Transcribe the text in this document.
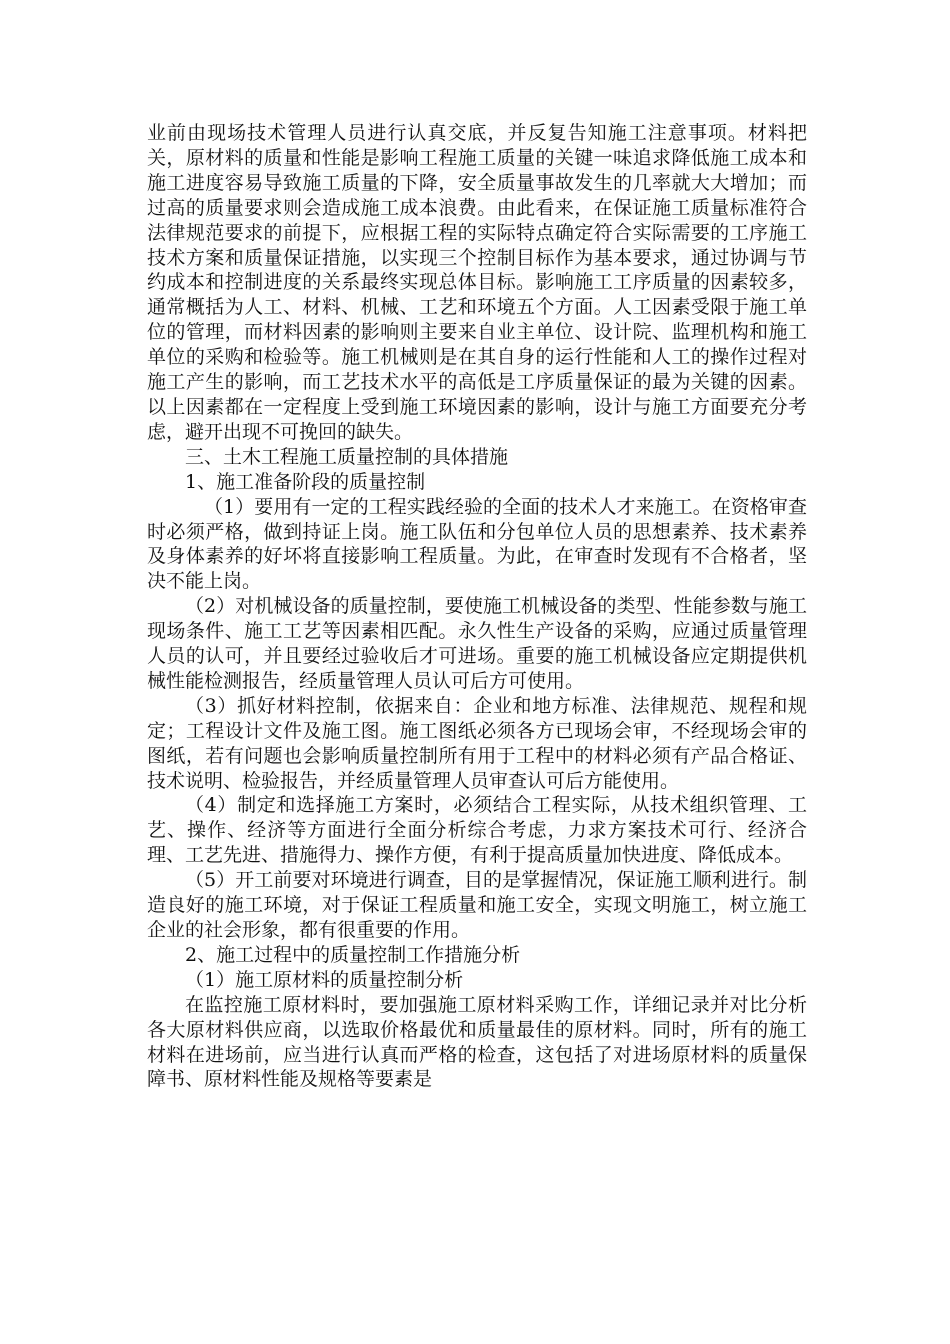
业前由现场技术管理人员进行认真交底，并反复告知施工注意事项。材料把关，原材料的质量和性能是影响工程施工质量的关键一味追求降低施工成本和施工进度容易导致施工质量的下降，安全质量事故发生的几率就大大增加；而过高的质量要求则会造成施工成本浪费。由此看来，在保证施工质量标准符合法律规范要求的前提下，应根据工程的实际特点确定符合实际需要的工序施工技术方案和质量保证措施，以实现三个控制目标作为基本要求，通过协调与节约成本和控制进度的关系最终实现总体目标。影响施工工序质量的因素较多，通常概括为人工、材料、机械、工艺和环境五个方面。人工因素受限于施工单位的管理，而材料因素的影响则主要来自业主单位、设计院、监理机构和施工单位的采购和检验等。施工机械则是在其自身的运行性能和人工的操作过程对施工产生的影响，而工艺技术水平的高低是工序质量保证的最为关键的因素。以上因素都在一定程度上受到施工环境因素的影响，设计与施工方面要充分考虑，避开出现不可挽回的缺失。

三、土木工程施工质量控制的具体措施

1、施工准备阶段的质量控制

（1）要用有一定的工程实践经验的全面的技术人才来施工。在资格审查时必须严格，做到持证上岗。施工队伍和分包单位人员的思想素养、技术素养及身体素养的好坏将直接影响工程质量。为此，在审查时发现有不合格者，坚决不能上岗。

（2）对机械设备的质量控制，要使施工机械设备的类型、性能参数与施工现场条件、施工工艺等因素相匹配。永久性生产设备的采购，应通过质量管理人员的认可，并且要经过验收后才可进场。重要的施工机械设备应定期提供机械性能检测报告，经质量管理人员认可后方可使用。

（3）抓好材料控制，依据来自：企业和地方标准、法律规范、规程和规定；工程设计文件及施工图。施工图纸必须各方已现场会审，不经现场会审的图纸，若有问题也会影响质量控制所有用于工程中的材料必须有产品合格证、技术说明、检验报告，并经质量管理人员审查认可后方能使用。

（4）制定和选择施工方案时，必须结合工程实际，从技术组织管理、工艺、操作、经济等方面进行全面分析综合考虑，力求方案技术可行、经济合理、工艺先进、措施得力、操作方便，有利于提高质量加快进度、降低成本。

（5）开工前要对环境进行调查，目的是掌握情况，保证施工顺利进行。制造良好的施工环境，对于保证工程质量和施工安全，实现文明施工，树立施工企业的社会形象，都有很重要的作用。

2、施工过程中的质量控制工作措施分析

（1）施工原材料的质量控制分析

在监控施工原材料时，要加强施工原材料采购工作，详细记录并对比分析各大原材料供应商，以选取价格最优和质量最佳的原材料。同时，所有的施工材料在进场前，应当进行认真而严格的检查，这包括了对进场原材料的质量保障书、原材料性能及规格等要素是
